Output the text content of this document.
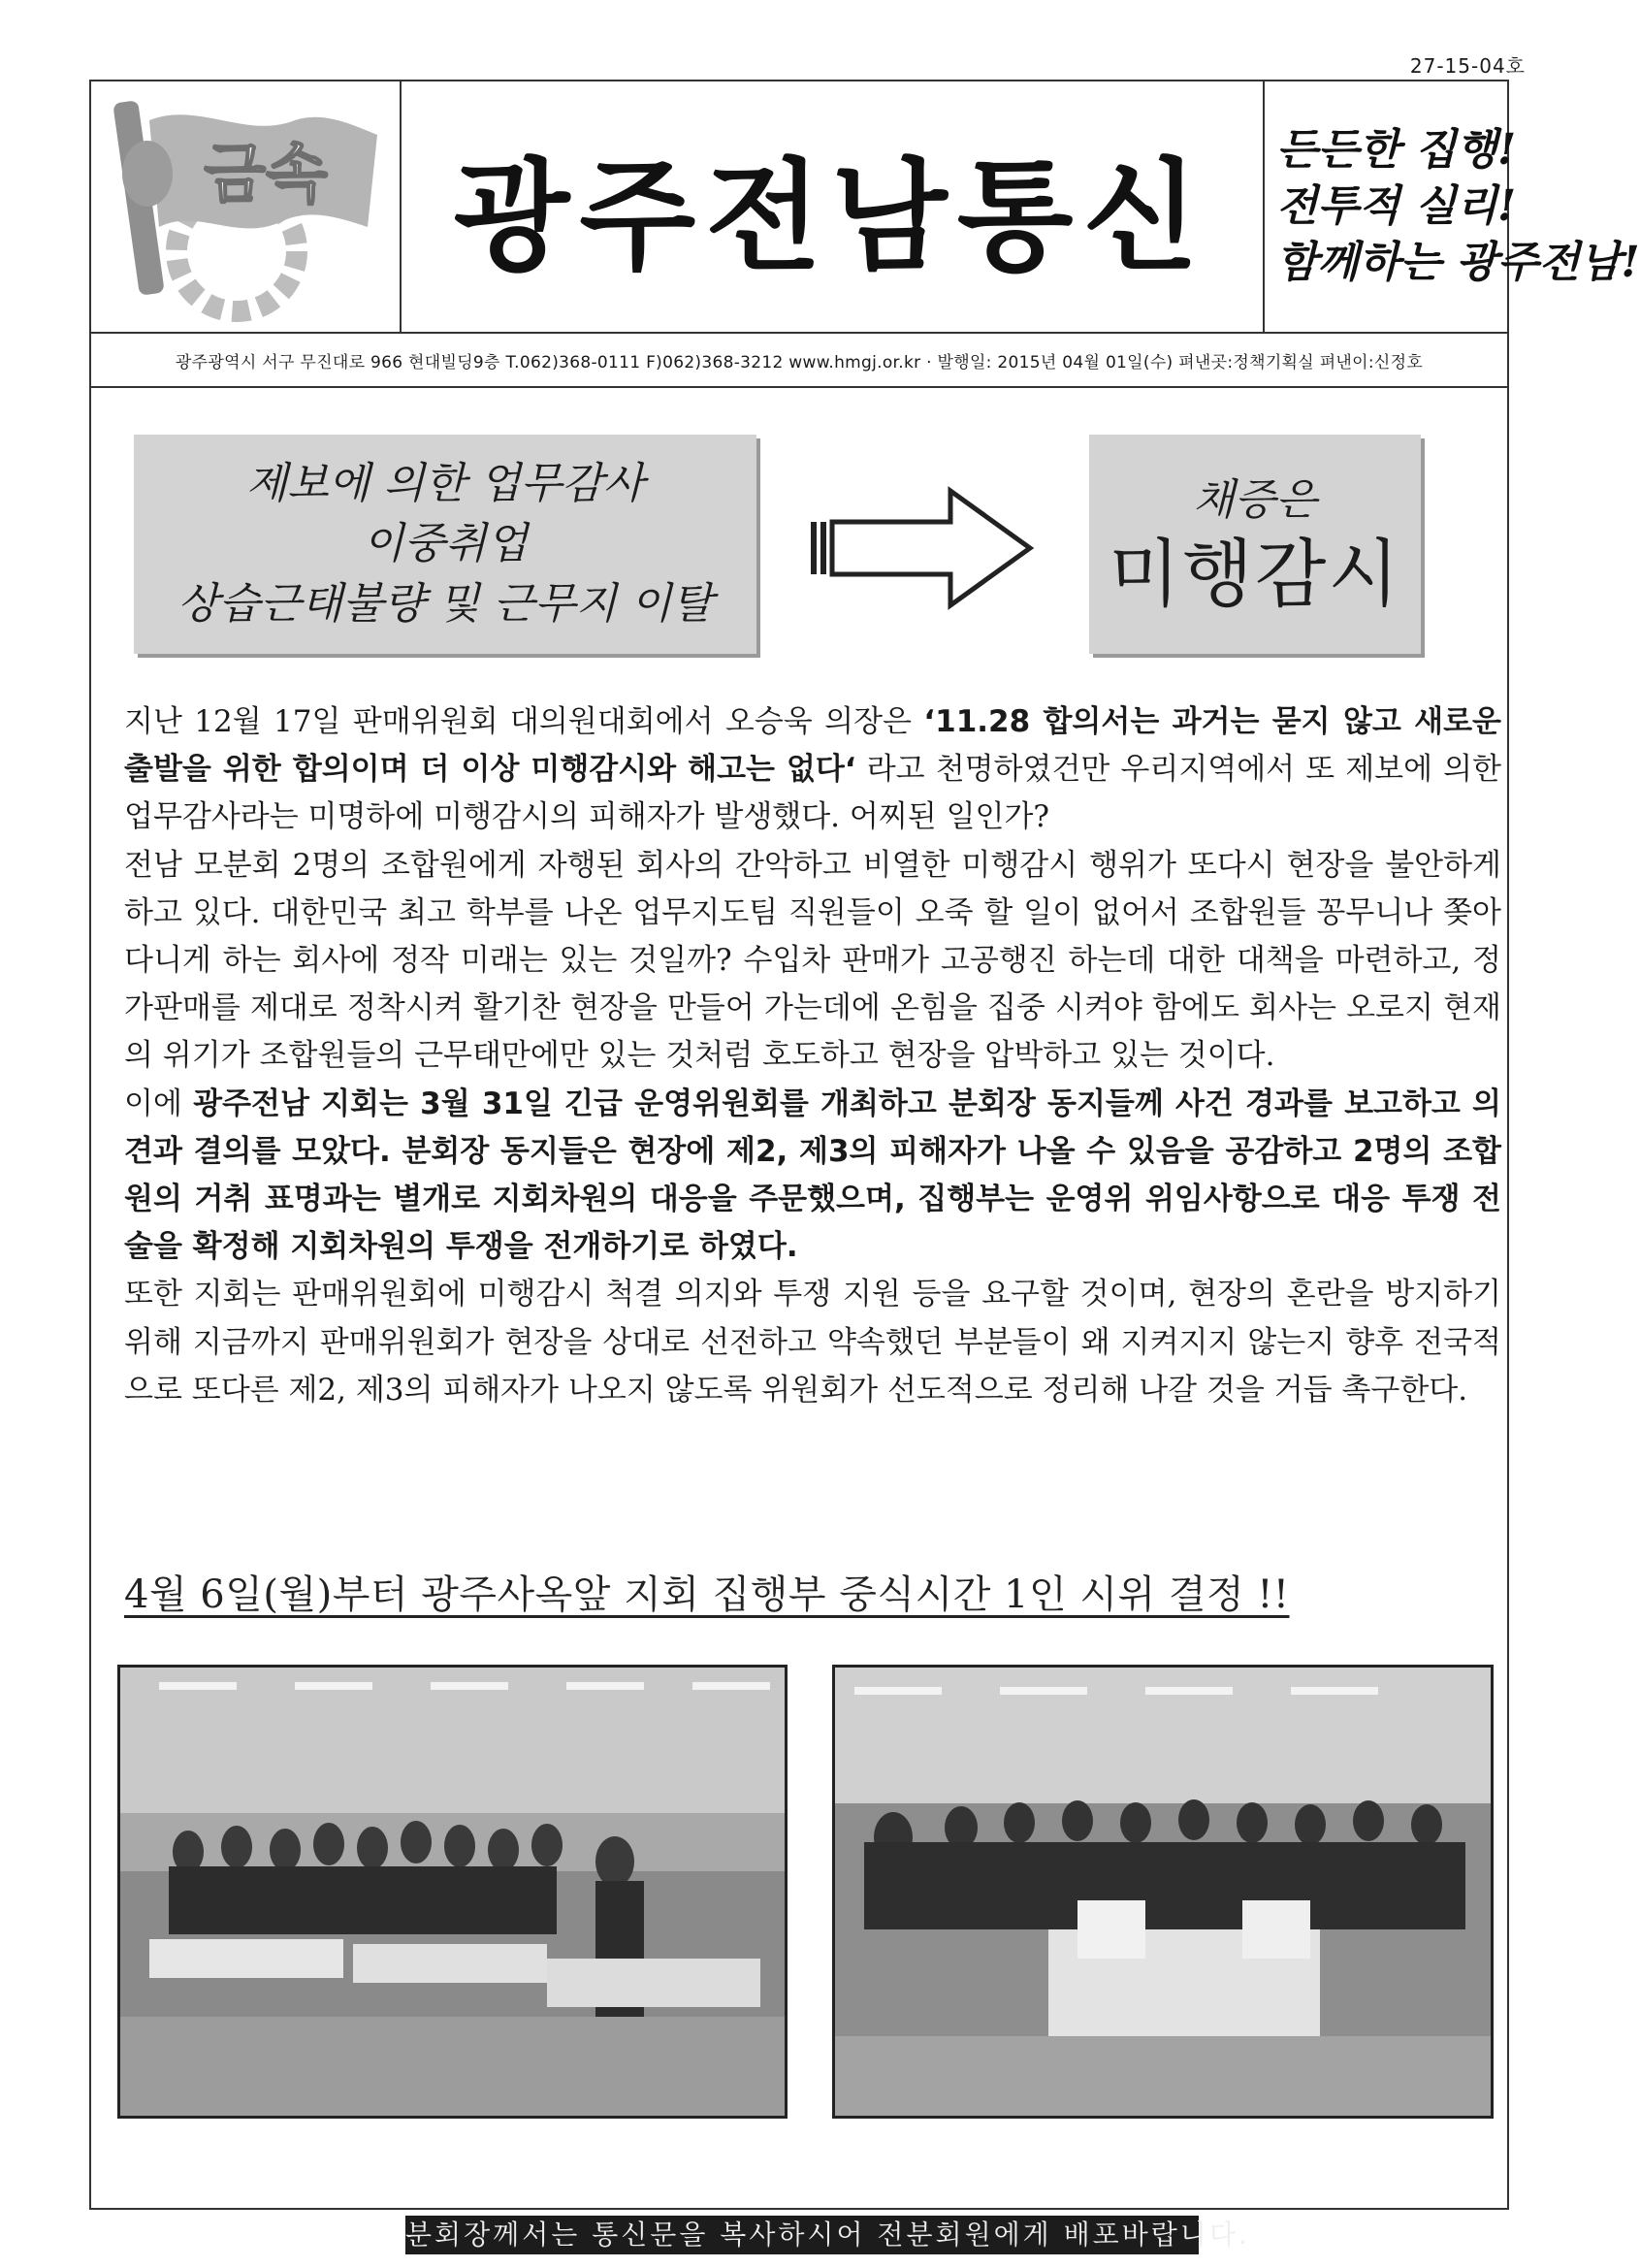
27-15-04호
금속 광주전남통신 든든한 집행!
전투적 실리!
함께하는 광주전남!
광주광역시 서구 무진대로 966 현대빌딩9층 T.062)368-0111 F)062)368-3212 www.hmgj.or.kr · 발행일: 2015년 04월 01일(수) 펴낸곳:정책기획실 펴낸이:신정호
제보에 의한 업무감사
이중취업
상습근태불량 및 근무지 이탈
채증은
미행감시

지난 12월 17일 판매위원회 대의원대회에서 오승욱 의장은 ‘11.28 합의서는 과거는 묻지 않고 새로운 출발을 위한 합의이며 더 이상 미행감시와 해고는 없다‘ 라고 천명하였건만 우리지역에서 또 제보에 의한 업무감사라는 미명하에 미행감시의 피해자가 발생했다. 어찌된 일인가?

전남 모분회 2명의 조합원에게 자행된 회사의 간악하고 비열한 미행감시 행위가 또다시 현장을 불안하게 하고 있다. 대한민국 최고 학부를 나온 업무지도팀 직원들이 오죽 할 일이 없어서 조합원들 꽁무니나 쫒아다니게 하는 회사에 정작 미래는 있는 것일까? 수입차 판매가 고공행진 하는데 대한 대책을 마련하고, 정가판매를 제대로 정착시켜 활기찬 현장을 만들어 가는데에 온힘을 집중 시켜야 함에도 회사는 오로지 현재의 위기가 조합원들의 근무태만에만 있는 것처럼 호도하고 현장을 압박하고 있는 것이다.

이에 광주전남 지회는 3월 31일 긴급 운영위원회를 개최하고 분회장 동지들께 사건 경과를 보고하고 의견과 결의를 모았다. 분회장 동지들은 현장에 제2, 제3의 피해자가 나올 수 있음을 공감하고 2명의 조합원의 거취 표명과는 별개로 지회차원의 대응을 주문했으며, 집행부는 운영위 위임사항으로 대응 투쟁 전술을 확정해 지회차원의 투쟁을 전개하기로 하였다.

또한 지회는 판매위원회에 미행감시 척결 의지와 투쟁 지원 등을 요구할 것이며, 현장의 혼란을 방지하기위해 지금까지 판매위원회가 현장을 상대로 선전하고 약속했던 부분들이 왜 지켜지지 않는지 향후 전국적으로 또다른 제2, 제3의 피해자가 나오지 않도록 위원회가 선도적으로 정리해 나갈 것을 거듭 촉구한다.

4월 6일(월)부터 광주사옥앞 지회 집행부 중식시간 1인 시위 결정 !!
분회장께서는 통신문을 복사하시어 전분회원에게 배포바랍니다.
